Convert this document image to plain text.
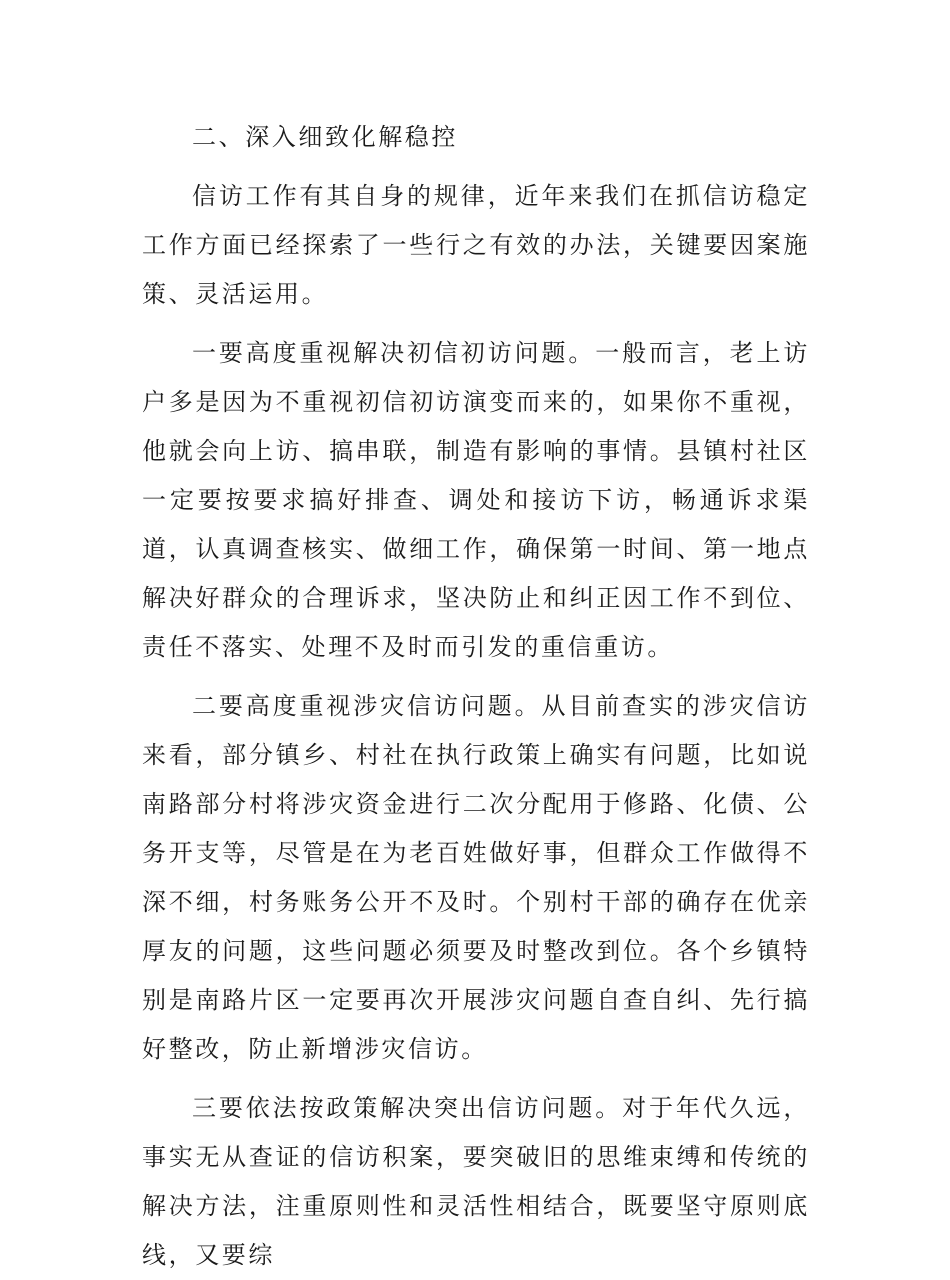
二、深入细致化解稳控

信访工作有其自身的规律，近年来我们在抓信访稳定工作方面已经探索了一些行之有效的办法，关键要因案施策、灵活运用。

一要高度重视解决初信初访问题。一般而言，老上访户多是因为不重视初信初访演变而来的，如果你不重视，他就会向上访、搞串联，制造有影响的事情。县镇村社区一定要按要求搞好排查、调处和接访下访，畅通诉求渠道，认真调查核实、做细工作，确保第一时间、第一地点解决好群众的合理诉求，坚决防止和纠正因工作不到位、责任不落实、处理不及时而引发的重信重访。

二要高度重视涉灾信访问题。从目前查实的涉灾信访来看，部分镇乡、村社在执行政策上确实有问题，比如说南路部分村将涉灾资金进行二次分配用于修路、化债、公务开支等，尽管是在为老百姓做好事，但群众工作做得不深不细，村务账务公开不及时。个别村干部的确存在优亲厚友的问题，这些问题必须要及时整改到位。各个乡镇特别是南路片区一定要再次开展涉灾问题自查自纠、先行搞好整改，防止新增涉灾信访。

三要依法按政策解决突出信访问题。对于年代久远，事实无从查证的信访积案，要突破旧的思维束缚和传统的解决方法，注重原则性和灵活性相结合，既要坚守原则底线，又要综
